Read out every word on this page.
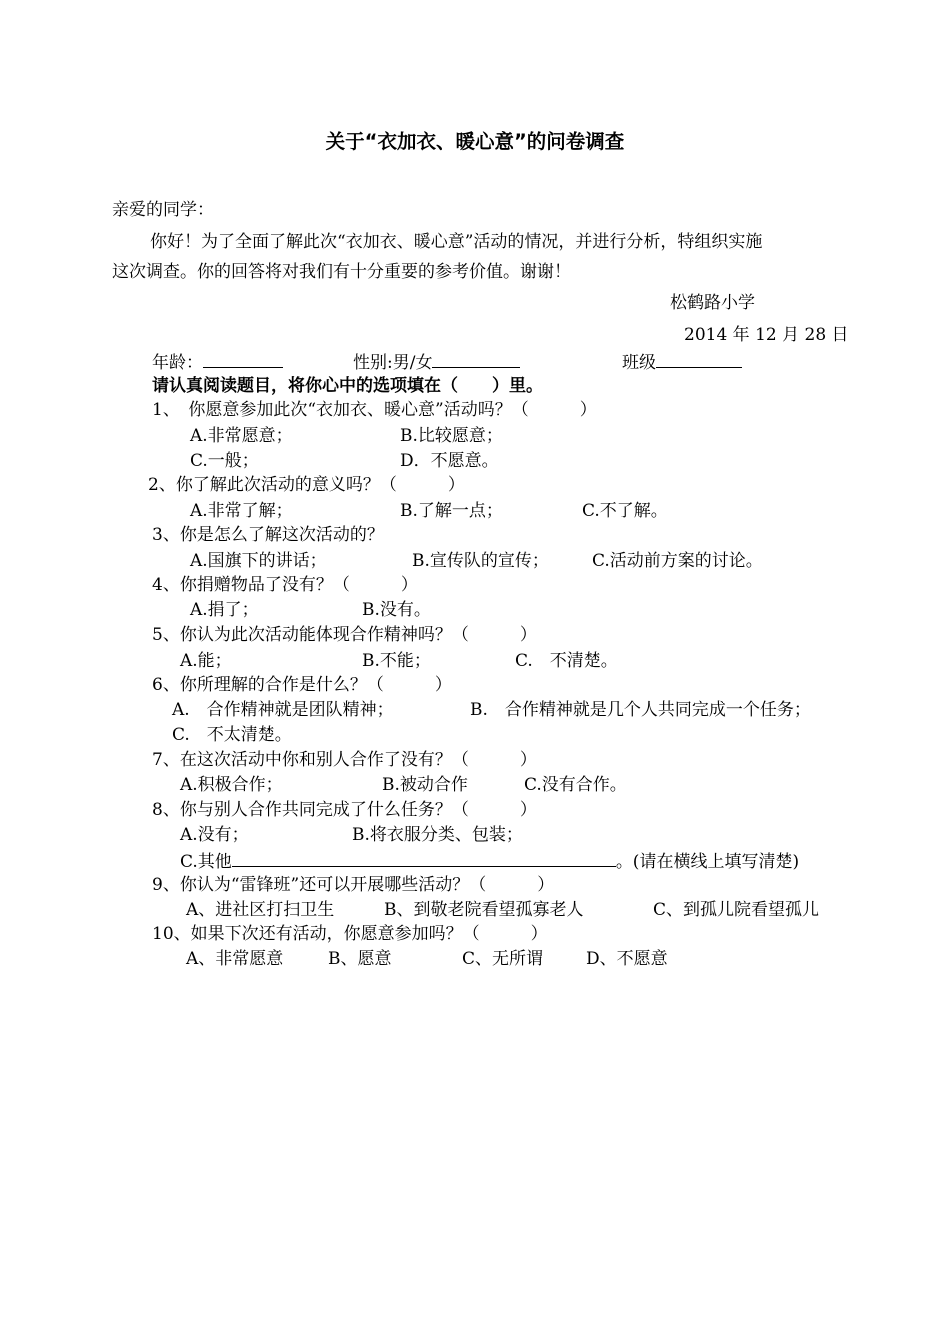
关于“衣加衣、暖心意”的问卷调查
亲爱的同学：
你好！为了全面了解此次“衣加衣、暖心意”活动的情况，并进行分析，特组织实施
这次调查。你的回答将对我们有十分重要的参考价值。谢谢！
松鹤路小学
2014 年 12 月 28 日
年龄：	性别:男/女	班级
请认真阅读题目，将你心中的选项填在（　　）里。
1、　你愿意参加此次“衣加衣、暖心意”活动吗？（　　　）
A.非常愿意；	B.比较愿意；
C.一般；	D．不愿意。
2、你了解此次活动的意义吗？（　　　）
A.非常了解；	B.了解一点；	C.不了解。
3、你是怎么了解这次活动的？
A.国旗下的讲话；	B.宣传队的宣传；	C.活动前方案的讨论。
4、你捐赠物品了没有？（　　　）
A.捐了；	B.没有。
5、你认为此次活动能体现合作精神吗？（　　　）
A.能；	B.不能；	C.　不清楚。
6、你所理解的合作是什么？（　　　）
A.　合作精神就是团队精神；	B.　合作精神就是几个人共同完成一个任务；
C.　不太清楚。
7、在这次活动中你和别人合作了没有？（　　　）
A.积极合作；	B.被动合作	C.没有合作。
8、你与别人合作共同完成了什么任务？（　　　）
A.没有；	B.将衣服分类、包装；
C.其他	。(请在横线上填写清楚)
9、你认为“雷锋班”还可以开展哪些活动？（　　　）
A、进社区打扫卫生	B、到敬老院看望孤寡老人	C、到孤儿院看望孤儿
10、如果下次还有活动，你愿意参加吗？（　　　）
A、非常愿意	B、愿意	C、无所谓	D、不愿意
